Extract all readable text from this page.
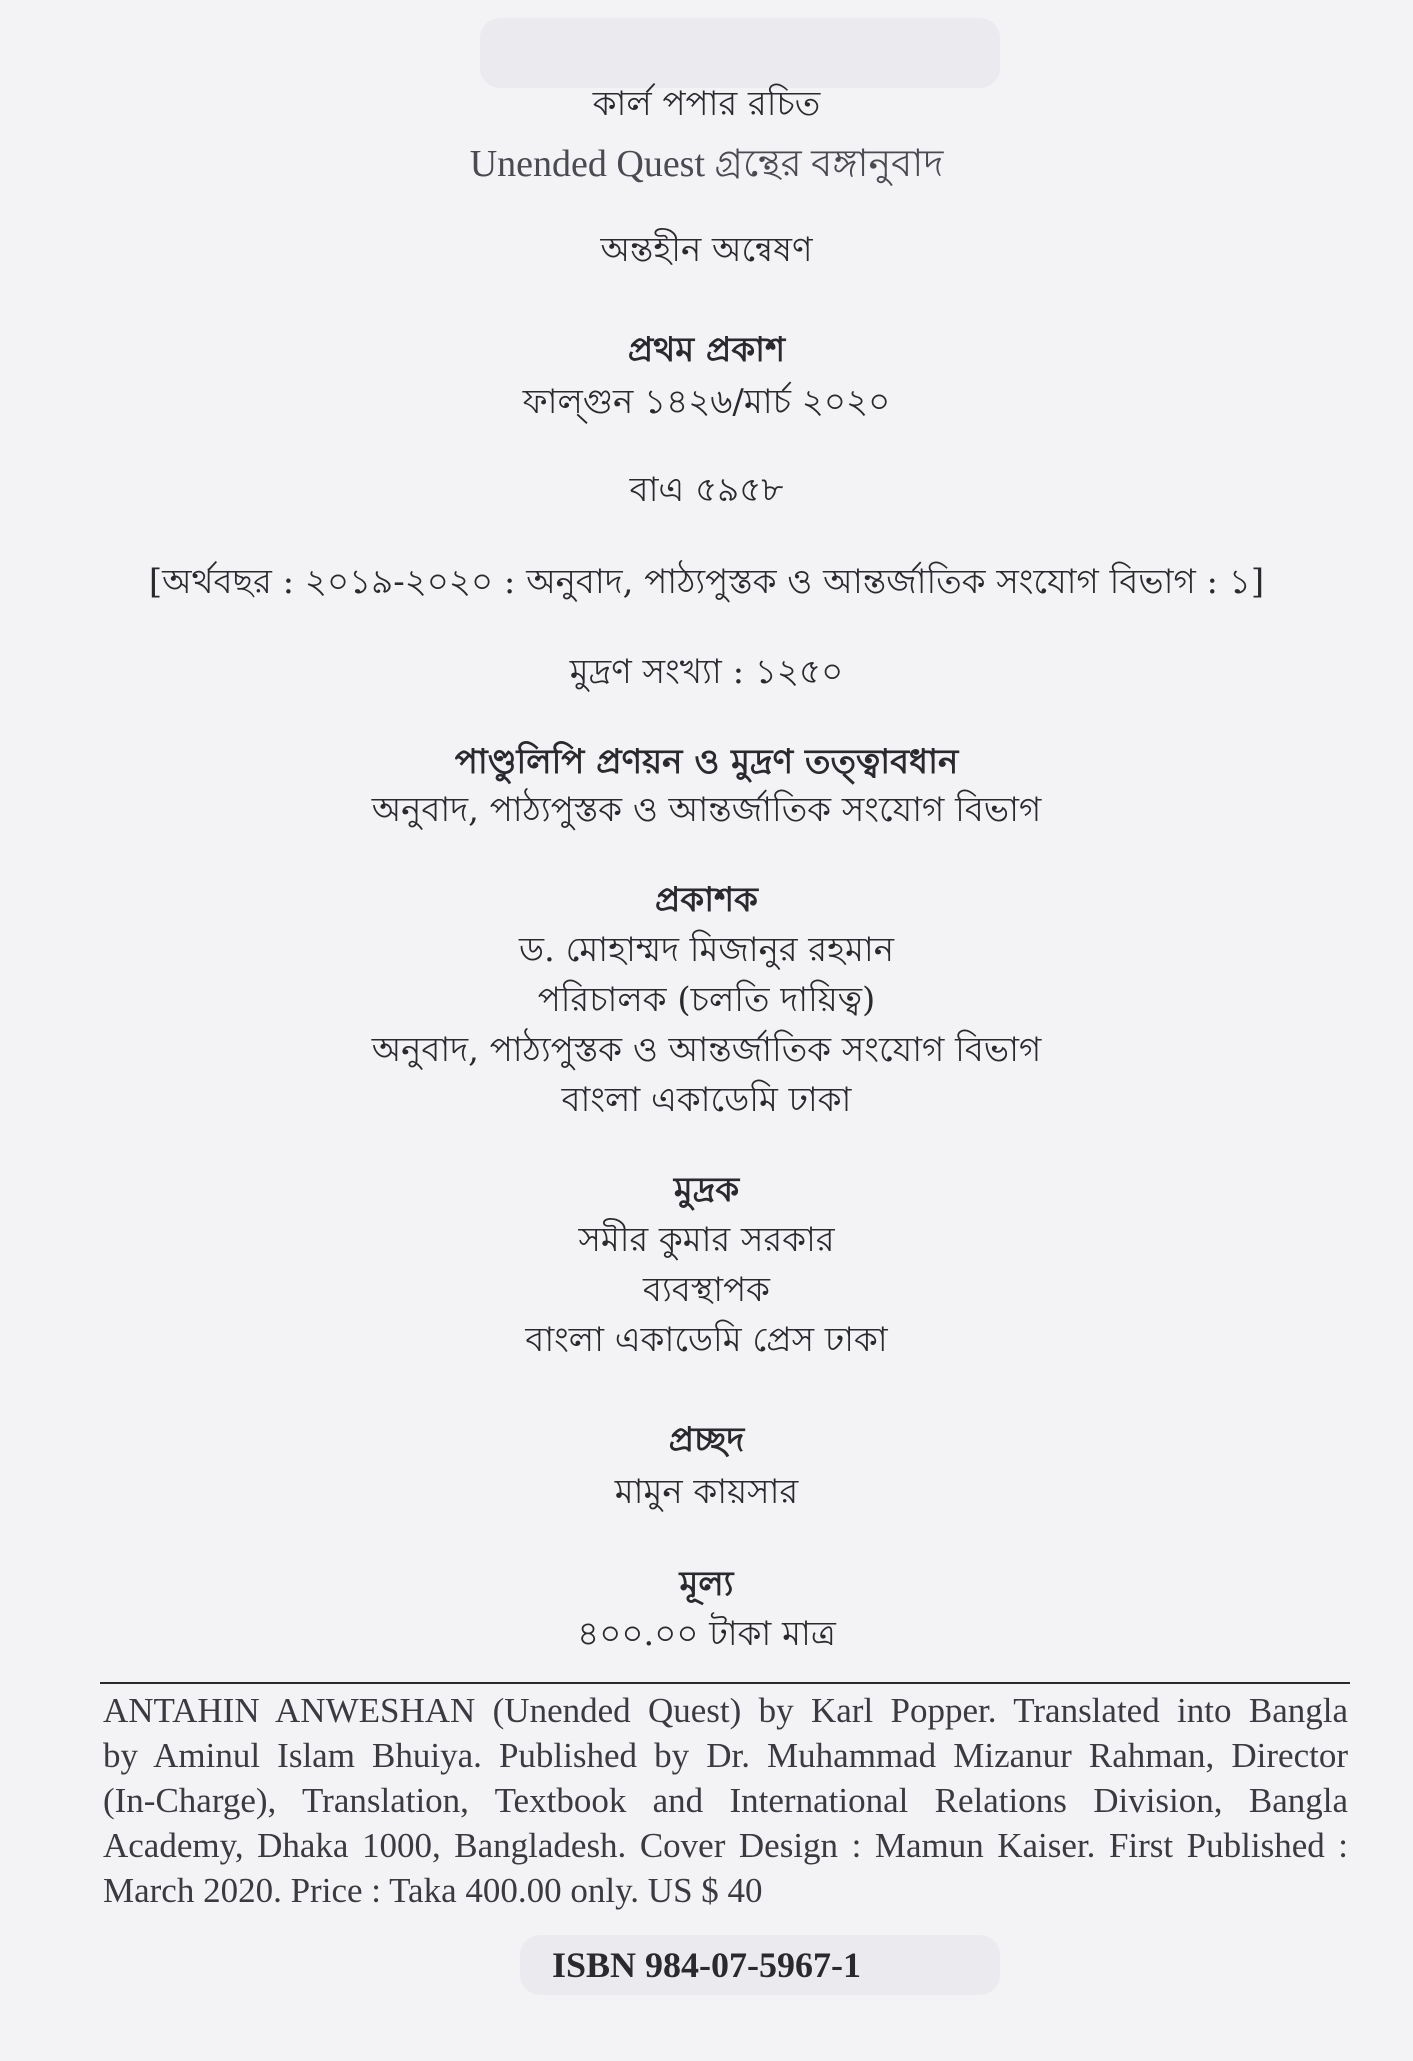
কার্ল পপার রচিত
Unended Quest গ্রন্থের বঙ্গানুবাদ
অন্তহীন অন্বেষণ
প্রথম প্রকাশ
ফাল্গুন ১৪২৬/মার্চ ২০২০
বাএ ৫৯৫৮
[অর্থবছর : ২০১৯-২০২০ : অনুবাদ, পাঠ্যপুস্তক ও আন্তর্জাতিক সংযোগ বিভাগ : ১]
মুদ্রণ সংখ্যা : ১২৫০
পাণ্ডুলিপি প্রণয়ন ও মুদ্রণ তত্ত্বাবধান
অনুবাদ, পাঠ্যপুস্তক ও আন্তর্জাতিক সংযোগ বিভাগ
প্রকাশক
ড. মোহাম্মদ মিজানুর রহমান
পরিচালক (চলতি দায়িত্ব)
অনুবাদ, পাঠ্যপুস্তক ও আন্তর্জাতিক সংযোগ বিভাগ
বাংলা একাডেমি ঢাকা
মুদ্রক
সমীর কুমার সরকার
ব্যবস্থাপক
বাংলা একাডেমি প্রেস ঢাকা
প্রচ্ছদ
মামুন কায়সার
মূল্য
৪০০.০০ টাকা মাত্র
ANTAHIN ANWESHAN (Unended Quest) by Karl Popper. Translated into Bangla
by Aminul Islam Bhuiya. Published by Dr. Muhammad Mizanur Rahman, Director
(In-Charge), Translation, Textbook and International Relations Division, Bangla
Academy, Dhaka 1000, Bangladesh. Cover Design : Mamun Kaiser. First Published :
March 2020. Price : Taka 400.00 only. US $ 40
ISBN 984-07-5967-1
